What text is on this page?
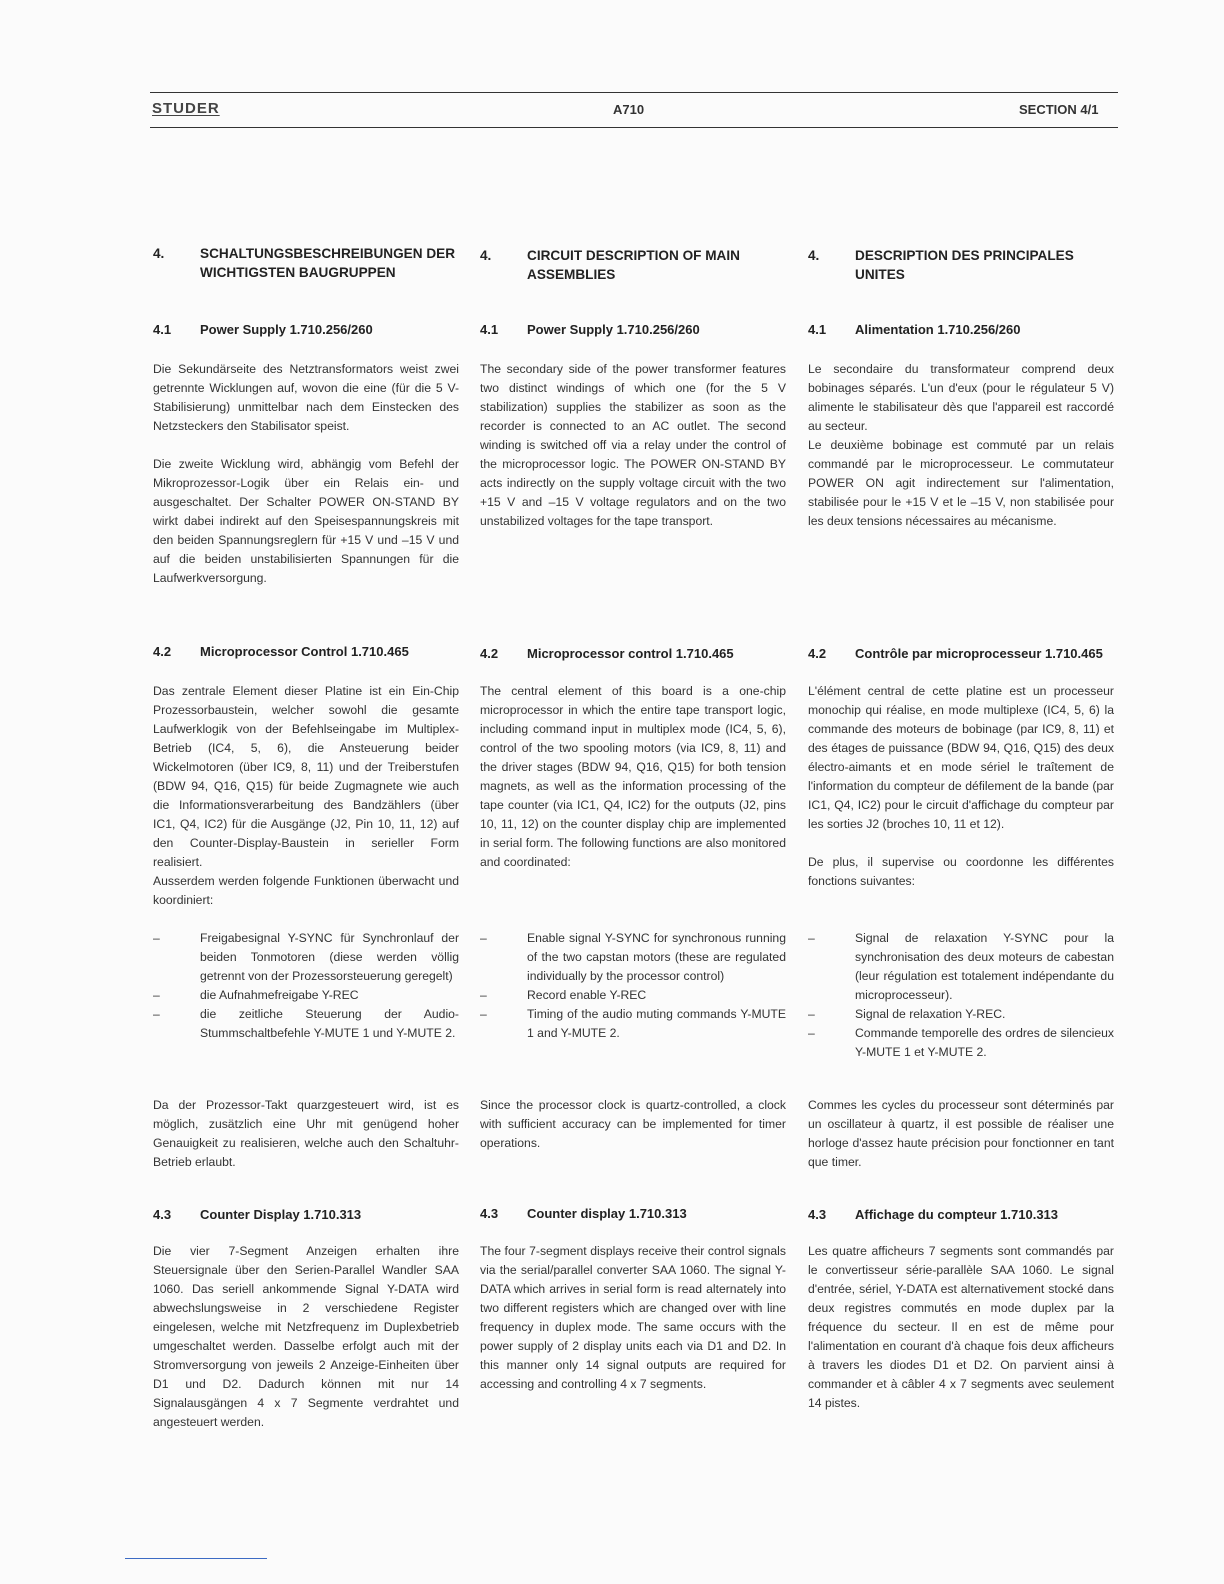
STUDER	A710	SECTION 4/1
4.	SCHALTUNGSBESCHREIBUNGEN DER WICHTIGSTEN BAUGRUPPEN
4.1 Power Supply 1.710.256/260
Die Sekundärseite des Netztransformators weist zwei getrennte Wicklungen auf, wovon die eine (für die 5 V-Stabilisierung) unmittelbar nach dem Einstecken des Netzsteckers den Stabilisator speist.
Die zweite Wicklung wird, abhängig vom Befehl der Mikroprozessor-Logik über ein Relais ein- und ausgeschaltet. Der Schalter POWER ON-STAND BY wirkt dabei indirekt auf den Speisespannungskreis mit den beiden Spannungsreglern für +15 V und –15 V und auf die beiden unstabilisierten Spannungen für die Laufwerkversorgung.
4.2 Microprocessor Control 1.710.465
Das zentrale Element dieser Platine ist ein Ein-Chip Prozessorbaustein, welcher sowohl die gesamte Laufwerklogik von der Befehlseingabe im Multiplex-Betrieb (IC4, 5, 6), die Ansteuerung beider Wickelmotoren (über IC9, 8, 11) und der Treiberstufen (BDW 94, Q16, Q15) für beide Zugmagnete wie auch die Informationsverarbeitung des Bandzählers (über IC1, Q4, IC2) für die Ausgänge (J2, Pin 10, 11, 12) auf den Counter-Display-Baustein in serieller Form realisiert.
Ausserdem werden folgende Funktionen überwacht und koordiniert:
Da der Prozessor-Takt quarzgesteuert wird, ist es möglich, zusätzlich eine Uhr mit genügend hoher Genauigkeit zu realisieren, welche auch den Schaltuhr-Betrieb erlaubt.
– Freigabesignal Y-SYNC für Synchronlauf der beiden Tonmotoren (diese werden völlig getrennt von der Prozessorsteuerung geregelt)
– die Aufnahmefreigabe Y-REC
– die zeitliche Steuerung der Audio-Stummschaltbefehle Y-MUTE 1 und Y-MUTE 2.
4.3 Counter Display 1.710.313
Die vier 7-Segment Anzeigen erhalten ihre Steuersignale über den Serien-Parallel Wandler SAA 1060. Das seriell ankommende Signal Y-DATA wird abwechslungsweise in 2 verschiedene Register eingelesen, welche mit Netzfrequenz im Duplexbetrieb umgeschaltet werden. Dasselbe erfolgt auch mit der Stromversorgung von jeweils 2 Anzeige-Einheiten über D1 und D2. Dadurch können mit nur 14 Signalausgängen 4 x 7 Segmente verdrahtet und angesteuert werden.
4.	CIRCUIT DESCRIPTION OF MAIN ASSEMBLIES
4.1 Power Supply 1.710.256/260
The secondary side of the power transformer features two distinct windings of which one (for the 5 V stabilization) supplies the stabilizer as soon as the recorder is connected to an AC outlet. The second winding is switched off via a relay under the control of the microprocessor logic. The POWER ON-STAND BY acts indirectly on the supply voltage circuit with the two +15 V and –15 V voltage regulators and on the two unstabilized voltages for the tape transport.
4.2 Microprocessor control 1.710.465
The central element of this board is a one-chip microprocessor in which the entire tape transport logic, including command input in multiplex mode (IC4, 5, 6), control of the two spooling motors (via IC9, 8, 11) and the driver stages (BDW 94, Q16, Q15) for both tension magnets, as well as the information processing of the tape counter (via IC1, Q4, IC2) for the outputs (J2, pins 10, 11, 12) on the counter display chip are implemented in serial form. The following functions are also monitored and coordinated:
Since the processor clock is quartz-controlled, a clock with sufficient accuracy can be implemented for timer operations.
– Enable signal Y-SYNC for synchronous running of the two capstan motors (these are regulated individually by the processor control)
– Record enable Y-REC
– Timing of the audio muting commands Y-MUTE 1 and Y-MUTE 2.
4.3 Counter display 1.710.313
The four 7-segment displays receive their control signals via the serial/parallel converter SAA 1060. The signal Y-DATA which arrives in serial form is read alternately into two different registers which are changed over with line frequency in duplex mode. The same occurs with the power supply of 2 display units each via D1 and D2. In this manner only 14 signal outputs are required for accessing and controlling 4 x 7 segments.
4.	DESCRIPTION DES PRINCIPALES UNITES
4.1 Alimentation 1.710.256/260
Le secondaire du transformateur comprend deux bobinages séparés. L'un d'eux (pour le régulateur 5 V) alimente le stabilisateur dès que l'appareil est raccordé au secteur.
Le deuxième bobinage est commuté par un relais commandé par le microprocesseur. Le commutateur POWER ON agit indirectement sur l'alimentation, stabilisée pour le +15 V et le –15 V, non stabilisée pour les deux tensions nécessaires au mécanisme.
4.2 Contrôle par microprocesseur 1.710.465
L'élément central de cette platine est un processeur monochip qui réalise, en mode multiplexe (IC4, 5, 6) la commande des moteurs de bobinage (par IC9, 8, 11) et des étages de puissance (BDW 94, Q16, Q15) des deux électro-aimants et en mode sériel le traîtement de l'information du compteur de défilement de la bande (par IC1, Q4, IC2) pour le circuit d'affichage du compteur par les sorties J2 (broches 10, 11 et 12).
De plus, il supervise ou coordonne les différentes fonctions suivantes:
Commes les cycles du processeur sont déterminés par un oscillateur à quartz, il est possible de réaliser une horloge d'assez haute précision pour fonctionner en tant que timer.
– Signal de relaxation Y-SYNC pour la synchronisation des deux moteurs de cabestan (leur régulation est totalement indépendante du microprocesseur).
– Signal de relaxation Y-REC.
– Commande temporelle des ordres de silencieux Y-MUTE 1 et Y-MUTE 2.
4.3 Affichage du compteur 1.710.313
Les quatre afficheurs 7 segments sont commandés par le convertisseur série-parallèle SAA 1060. Le signal d'entrée, sériel, Y-DATA est alternativement stocké dans deux registres commutés en mode duplex par la fréquence du secteur. Il en est de même pour l'alimentation en courant d'à chaque fois deux afficheurs à travers les diodes D1 et D2. On parvient ainsi à commander et à câbler 4 x 7 segments avec seulement 14 pistes.
